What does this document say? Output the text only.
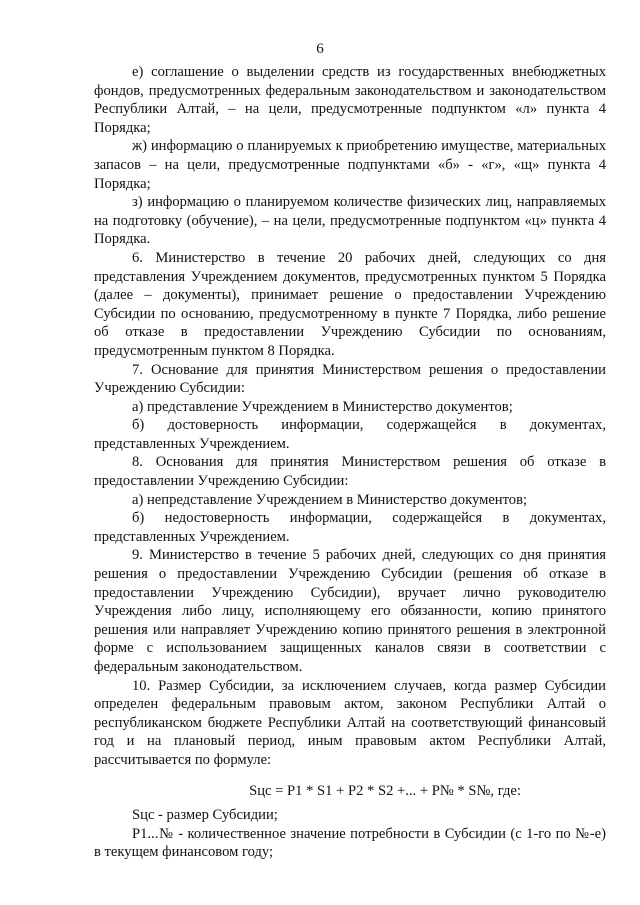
6

е) соглашение о выделении средств из государственных внебюджетных фондов, предусмотренных федеральным законодательством и законодательством Республики Алтай, – на цели, предусмотренные подпунктом «л» пункта 4 Порядка;

ж) информацию о планируемых к приобретению имуществе, материальных запасов – на цели, предусмотренные подпунктами «б» - «г», «щ» пункта 4 Порядка;

з) информацию о планируемом количестве физических лиц, направляемых на подготовку (обучение), – на цели, предусмотренные подпунктом «ц» пункта 4 Порядка.

6. Министерство в течение 20 рабочих дней, следующих со дня представления Учреждением документов, предусмотренных пунктом 5 Порядка (далее – документы), принимает решение о предоставлении Учреждению Субсидии по основанию, предусмотренному в пункте 7 Порядка, либо решение об отказе в предоставлении Учреждению Субсидии по основаниям, предусмотренным пунктом 8 Порядка.

7. Основание для принятия Министерством решения о предоставлении Учреждению Субсидии:

а) представление Учреждением в Министерство документов;

б) достоверность информации, содержащейся в документах, представленных Учреждением.

8. Основания для принятия Министерством решения об отказе в предоставлении Учреждению Субсидии:

а) непредставление Учреждением в Министерство документов;

б) недостоверность информации, содержащейся в документах, представленных Учреждением.

9. Министерство в течение 5 рабочих дней, следующих со дня принятия решения о предоставлении Учреждению Субсидии (решения об отказе в предоставлении Учреждению Субсидии), вручает лично руководителю Учреждения либо лицу, исполняющему его обязанности, копию принятого решения или направляет Учреждению копию принятого решения в электронной форме с использованием защищенных каналов связи в соответствии с федеральным законодательством.

10. Размер Субсидии, за исключением случаев, когда размер Субсидии определен федеральным правовым актом, законом Республики Алтай о республиканском бюджете Республики Алтай на соответствующий финансовый год и на плановый период, иным правовым актом Республики Алтай, рассчитывается по формуле:

Sцс = P1 * S1 + P2 * S2 +... + P№ * S№, где:

Sцс - размер Субсидии;

P1...№ - количественное значение потребности в Субсидии (с 1-го по №-е) в текущем финансовом году;
